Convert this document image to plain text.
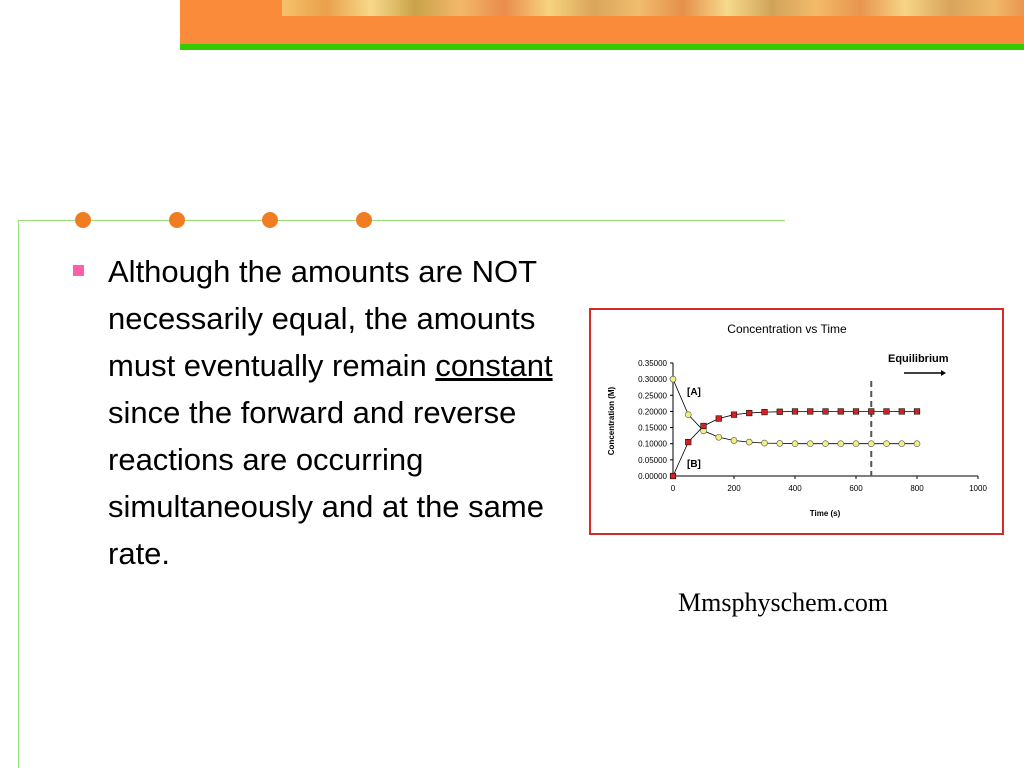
Although the amounts are NOT necessarily equal, the amounts must eventually remain constant since the forward and reverse reactions are occurring simultaneously and at the same rate.

Concentration vs Time
Concentration (M)
Time (s)
Equilibrium
[A]
[B]
0.00000
0.05000
0.10000
0.15000
0.20000
0.25000
0.30000
0.35000
0	200	400	600	800	1000
Mmsphyschem.com
